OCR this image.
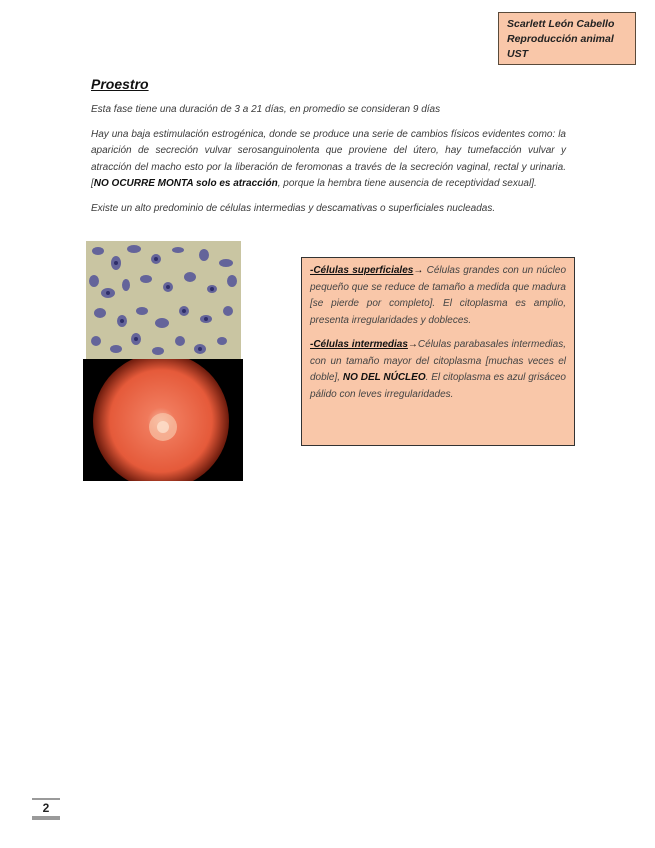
Scarlett León Cabello
Reproducción animal
UST
Proestro

Esta fase tiene una duración de 3 a 21 días, en promedio se consideran 9 días

Hay una baja estimulación estrogénica, donde se produce una serie de cambios físicos evidentes como: la aparición de secreción vulvar serosanguinolenta que proviene del útero, hay tumefacción vulvar y atracción del macho esto por la liberación de feromonas a través de la secreción vaginal, rectal y urinaria. [NO OCURRE MONTA solo es atracción, porque la hembra tiene ausencia de receptividad sexual].

Existe un alto predominio de células intermedias y descamativas o superficiales nucleadas.

-Células superficiales→ Células grandes con un núcleo pequeño que se reduce de tamaño a medida que madura [se pierde por completo]. El citoplasma es amplio, presenta irregularidades y dobleces.

-Células intermedias→Células parabasales intermedias, con un tamaño mayor del citoplasma [muchas veces el doble], NO DEL NÚCLEO. El citoplasma es azul grisáceo pálido con leves irregularidades.

2
